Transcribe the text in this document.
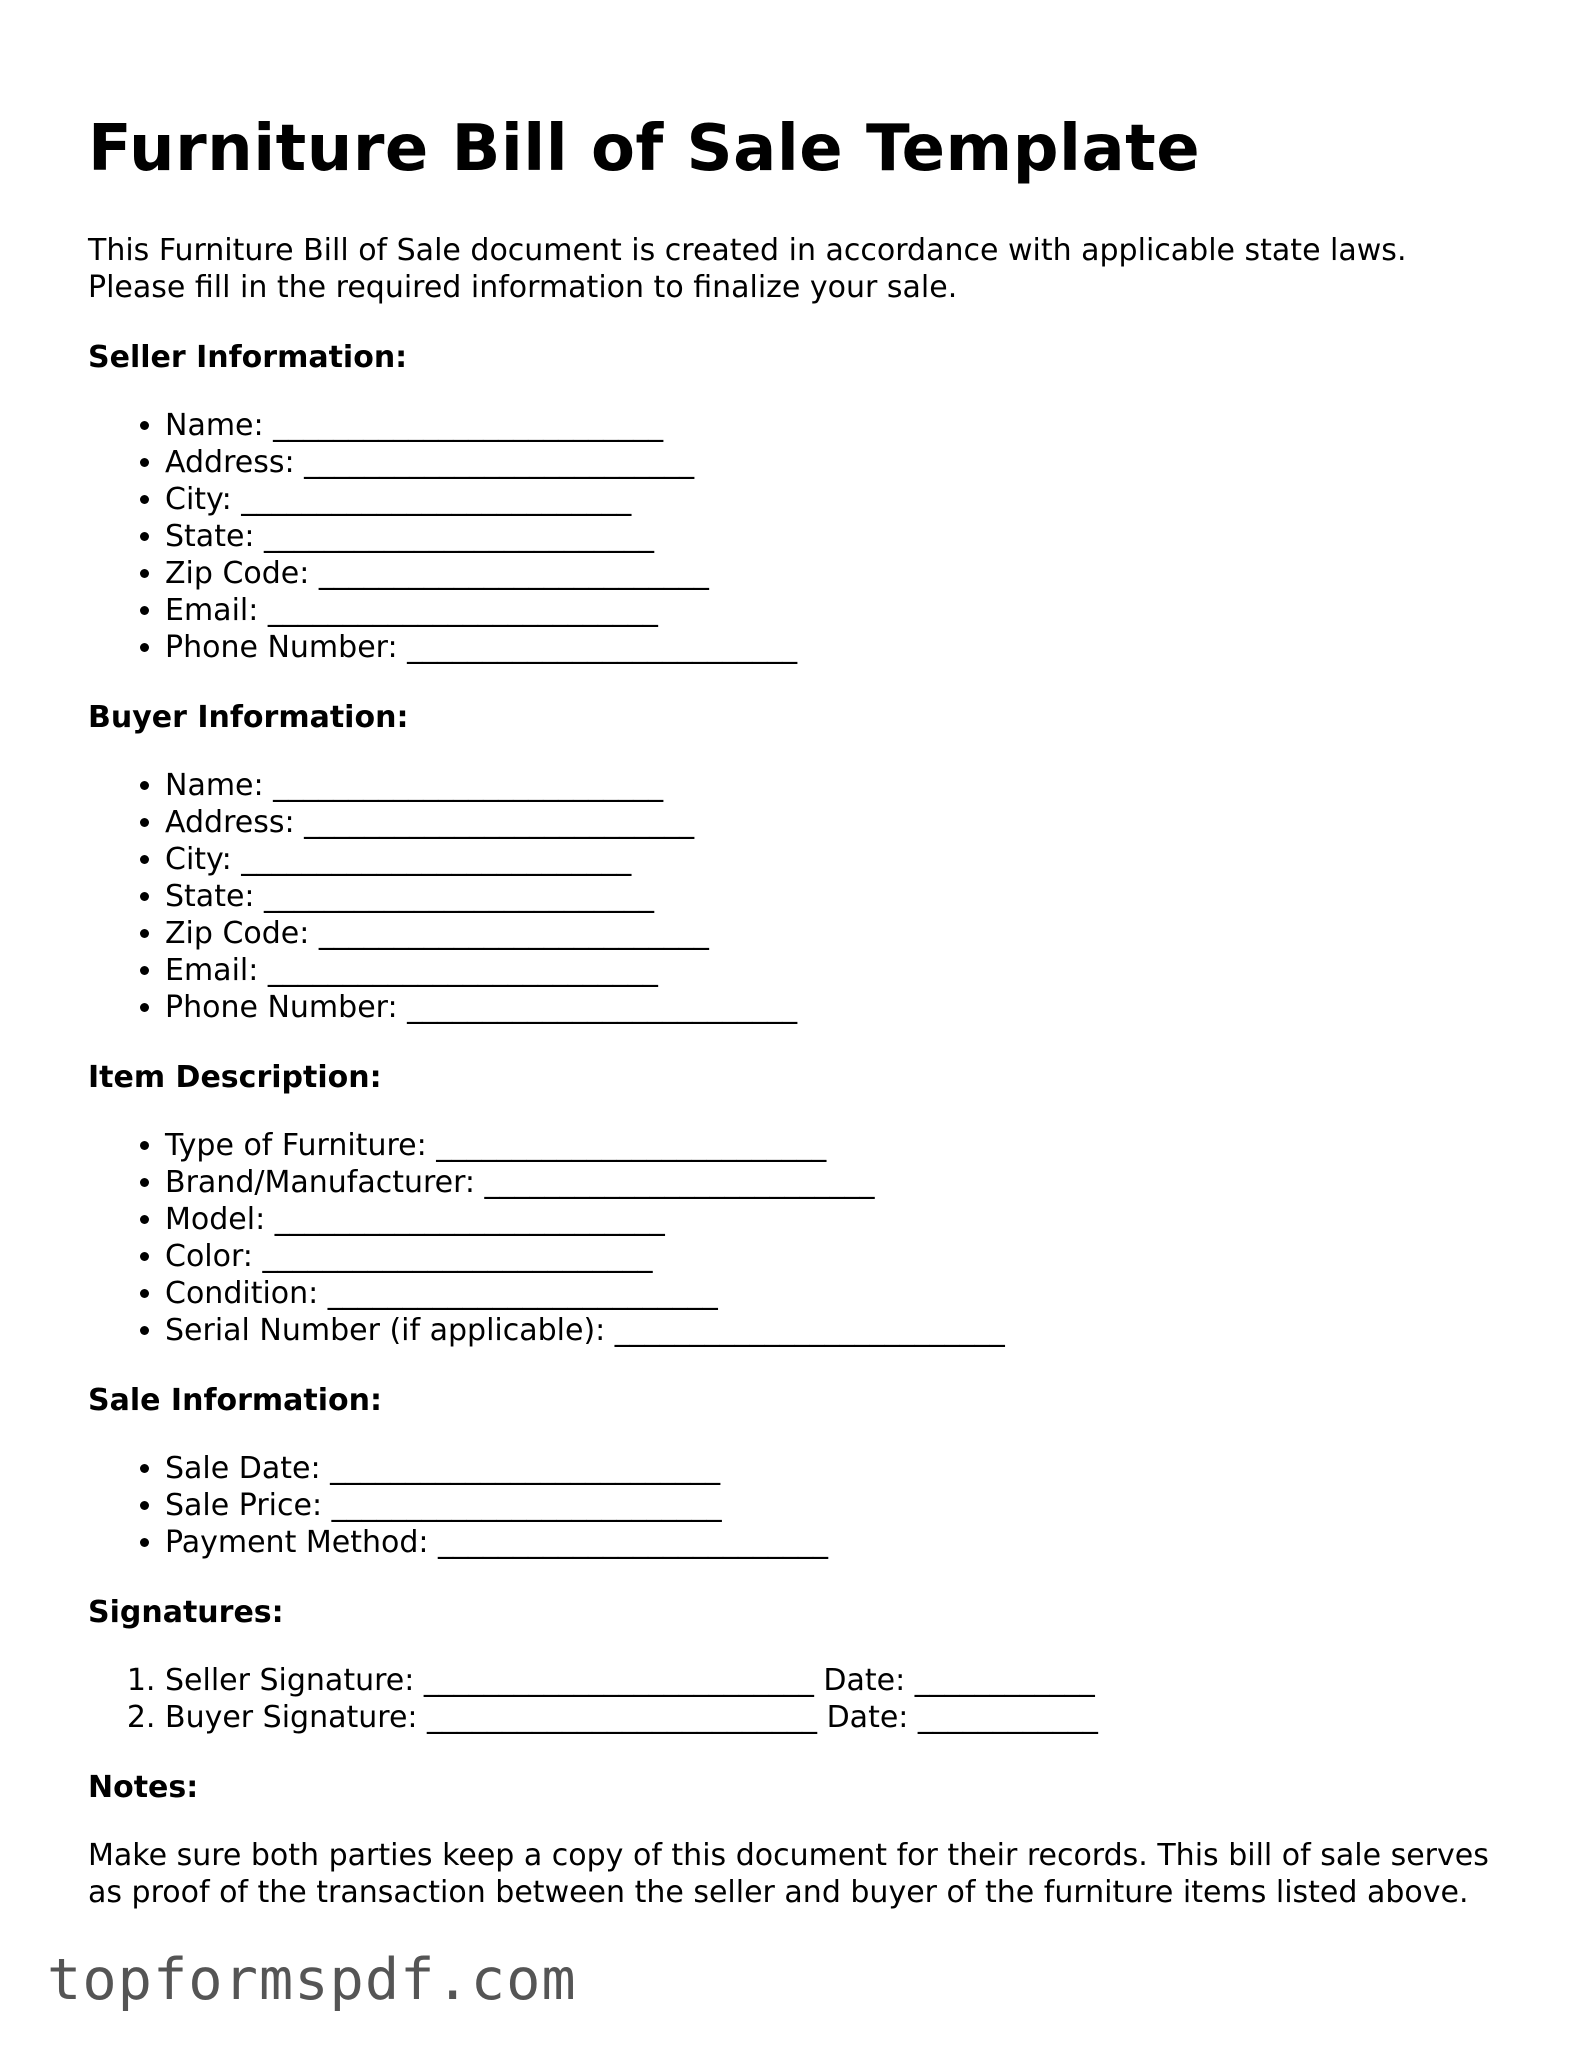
Furniture Bill of Sale Template

This Furniture Bill of Sale document is created in accordance with applicable state laws. Please fill in the required information to finalize your sale.

Seller Information:
• Name: __________________________
• Address: __________________________
• City: __________________________
• State: __________________________
• Zip Code: __________________________
• Email: __________________________
• Phone Number: __________________________
Buyer Information:
• Name: __________________________
• Address: __________________________
• City: __________________________
• State: __________________________
• Zip Code: __________________________
• Email: __________________________
• Phone Number: __________________________
Item Description:
• Type of Furniture: __________________________
• Brand/Manufacturer: __________________________
• Model: __________________________
• Color: __________________________
• Condition: __________________________
• Serial Number (if applicable): __________________________
Sale Information:
• Sale Date: __________________________
• Sale Price: __________________________
• Payment Method: __________________________
Signatures:
1. Seller Signature: __________________________ Date: ____________
2. Buyer Signature: __________________________ Date: ____________
Notes:

Make sure both parties keep a copy of this document for their records. This bill of sale serves as proof of the transaction between the seller and buyer of the furniture items listed above.

topformspdf.com
